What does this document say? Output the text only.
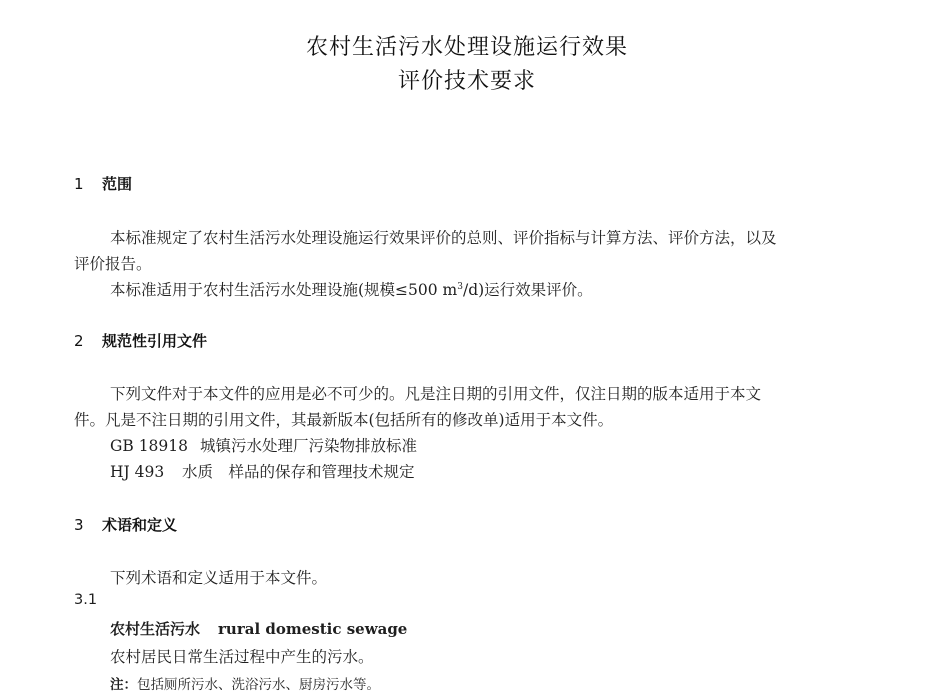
农村生活污水处理设施运行效果
评价技术要求
1 范围
本标准规定了农村生活污水处理设施运行效果评价的总则、评价指标与计算方法、评价方法，以及
评价报告。
本标准适用于农村生活污水处理设施(规模≤500 $m^3/d$)运行效果评价。
2 规范性引用文件
下列文件对于本文件的应用是必不可少的。凡是注日期的引用文件，仅注日期的版本适用于本文
件。凡是不注日期的引用文件，其最新版本(包括所有的修改单)适用于本文件。
GB 18918 城镇污水处理厂污染物排放标准
HJ 493 水质　样品的保存和管理技术规定
3 术语和定义
下列术语和定义适用于本文件。
3.1
农村生活污水 rural domestic sewage
农村居民日常生活过程中产生的污水。
注：包括厕所污水、洗浴污水、厨房污水等。
